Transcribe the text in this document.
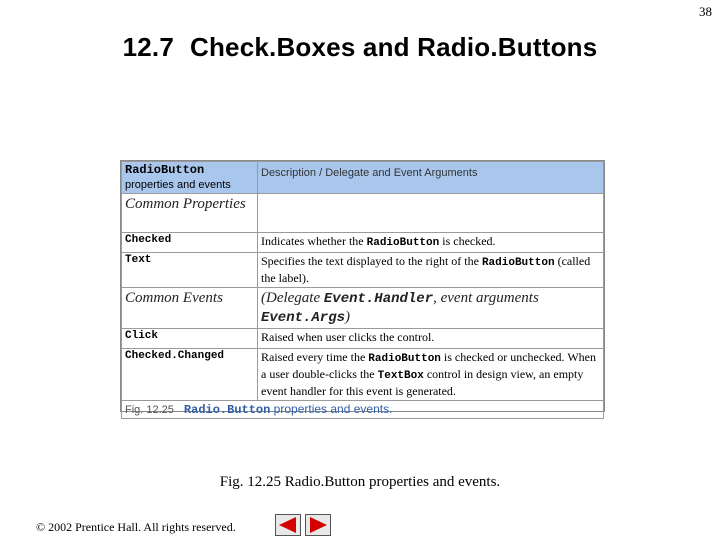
38
12.7 Check.Boxes and Radio.Buttons
RadioButton
properties and events	Description / Delegate and Event Arguments
Common Properties	
Checked	Indicates whether the RadioButton is checked.
Text	Specifies the text displayed to the right of the RadioButton (called the label).
Common Events	(Delegate Event.Handler, event arguments Event.Args)
Click	Raised when user clicks the control.
Checked.Changed	Raised every time the RadioButton is checked or unchecked. When a user double-clicks the TextBox control in design view, an empty event handler for this event is generated.
Fig. 12.25 Radio.Button properties and events.	
Fig. 12.25 Radio.Button properties and events.
© 2002 Prentice Hall. All rights reserved.
